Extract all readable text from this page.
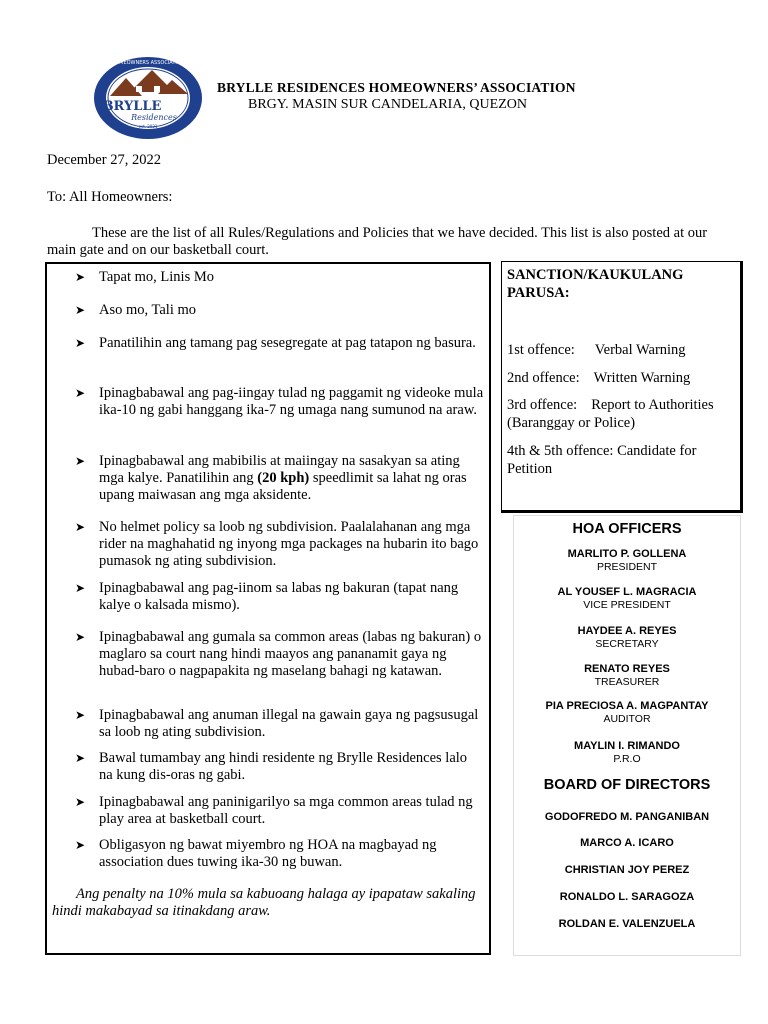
BRYLLE
Residences
est. 2021
HOMEOWNERS ASSOCIATION
BRYLLE RESIDENCES HOMEOWNERS’ ASSOCIATION
BRGY. MASIN SUR CANDELARIA, QUEZON
December 27, 2022
To: All Homeowners:
These are the list of all Rules/Regulations and Policies that we have decided. This list is also posted at our main gate and on our basketball court.
➤ Tapat mo, Linis Mo
➤ Aso mo, Tali mo
➤ Panatilihin ang tamang pag sesegregate at pag tatapon ng basura.
➤ Ipinagbabawal ang pag-iingay tulad ng paggamit ng videoke mula ika-10 ng gabi hanggang ika-7 ng umaga nang sumunod na araw.
➤ Ipinagbabawal ang mabibilis at maiingay na sasakyan sa ating mga kalye. Panatilihin ang (20 kph) speedlimit sa lahat ng oras upang maiwasan ang mga aksidente.
➤ No helmet policy sa loob ng subdivision. Paalalahanan ang mga rider na maghahatid ng inyong mga packages na hubarin ito bago pumasok ng ating subdivision.
➤ Ipinagbabawal ang pag-iinom sa labas ng bakuran (tapat nang kalye o kalsada mismo).
➤ Ipinagbabawal ang gumala sa common areas (labas ng bakuran) o maglaro sa court nang hindi maayos ang pananamit gaya ng hubad-baro o nagpapakita ng maselang bahagi ng katawan.
➤ Ipinagbabawal ang anuman illegal na gawain gaya ng pagsusugal sa loob ng ating subdivision.
➤ Bawal tumambay ang hindi residente ng Brylle Residences lalo na kung dis-oras ng gabi.
➤ Ipinagbabawal ang paninigarilyo sa mga common areas tulad ng play area at basketball court.
➤ Obligasyon ng bawat miyembro ng HOA na magbayad ng association dues tuwing ika-30 ng buwan.
Ang penalty na 10% mula sa kabuoang halaga ay ipapataw sakaling hindi makabayad sa itinakdang araw.
SANCTION/KAUKULANG PARUSA:
1st offence: Verbal Warning
2nd offence: Written Warning
3rd offence: Report to Authorities (Baranggay or Police)
4th & 5th offence: Candidate for Petition
HOA OFFICERS
MARLITO P. GOLLENA
PRESIDENT
AL YOUSEF L. MAGRACIA
VICE PRESIDENT
HAYDEE A. REYES
SECRETARY
RENATO REYES
TREASURER
PIA PRECIOSA A. MAGPANTAY
AUDITOR
MAYLIN I. RIMANDO
P.R.O
BOARD OF DIRECTORS
GODOFREDO M. PANGANIBAN
MARCO A. ICARO
CHRISTIAN JOY PEREZ
RONALDO L. SARAGOZA
ROLDAN E. VALENZUELA
